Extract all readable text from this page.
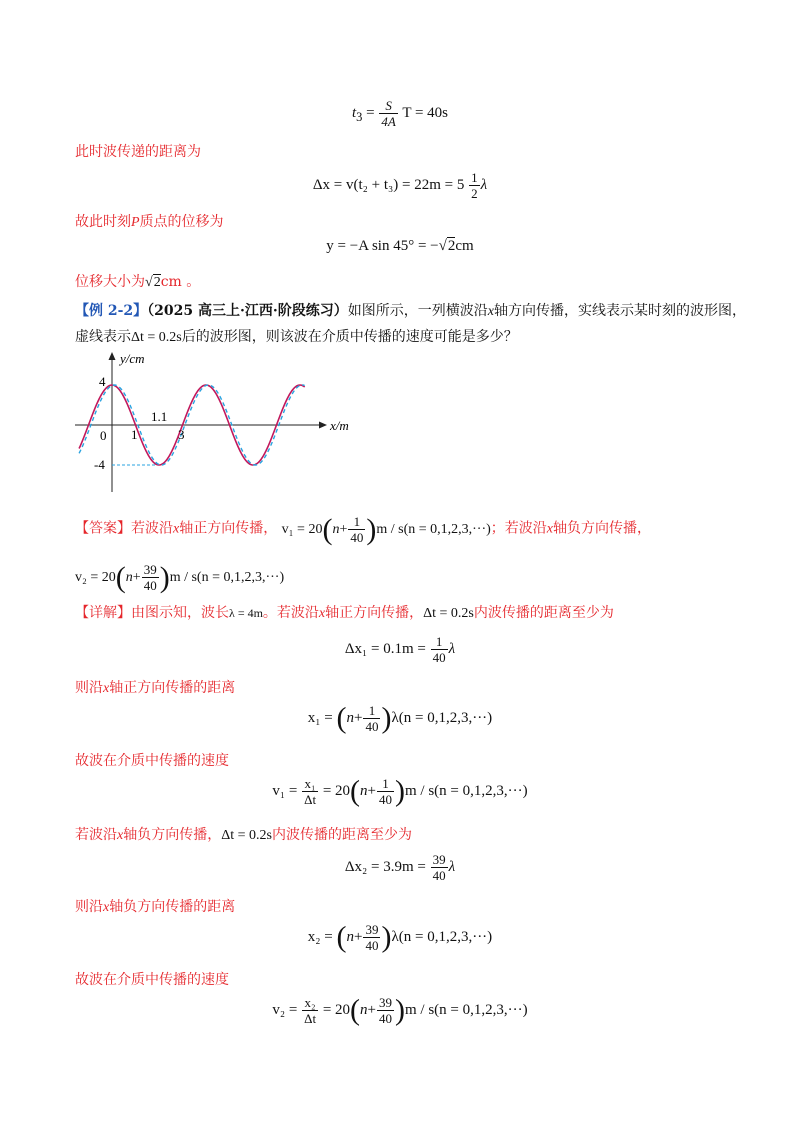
$t_3 = \frac{S}{4A}$ T = 40s
此时波传递的距离为
$\Delta x = v(t_2 + t_3) = 22m = 5 \frac{1}{2}$ λ
故此时刻P质点的位移为
y = −A sin 45° = −√2cm
位移大小为√2cm 。
【例 2-2】（2025 高三上·江西·阶段练习）如图所示，一列横波沿x轴方向传播，实线表示某时刻的波形图，
虚线表示Δt = 0.2s后的波形图，则该波在介质中传播的速度可能是多少？
y/cm
x/m
4
-4
0 1	3
1.1
【答案】若波沿x轴正方向传播， $v_1 = 20(n+ \frac{1}{40} )m / s(n = 0,1,2,3,\cdot\cdot\cdot)$；若波沿x轴负方向传播，
$v_2 = 20(n+ \frac{39}{40} )m / s(n = 0,1,2,3,\cdot\cdot\cdot)$
【详解】由图示知，波长λ = 4m。若波沿x轴正方向传播，Δt = 0.2s内波传播的距离至少为
$\Delta x_1 = 0.1m = \frac{1}{40}$ λ
则沿x轴正方向传播的距离
$x_1 = (n+ \frac{1}{40} )\lambda(n = 0,1,2,3,\cdot\cdot\cdot)$
故波在介质中传播的速度
$v_1 = \frac{\text{x₁}}{\Delta t} = 20(n+ \frac{1}{40} )m / s(n = 0,1,2,3,\cdot\cdot\cdot)$
若波沿x轴负方向传播，Δt = 0.2s内波传播的距离至少为
$\Delta x_2 = 3.9m = \frac{39}{40}$ λ
则沿x轴负方向传播的距离
$x_2 = (n+ \frac{39}{40} )\lambda(n = 0,1,2,3,\cdot\cdot\cdot)$
故波在介质中传播的速度
$v_2 = \frac{\text{x₂}}{\Delta t} = 20(n+ \frac{39}{40} )m / s(n = 0,1,2,3,\cdot\cdot\cdot)$
